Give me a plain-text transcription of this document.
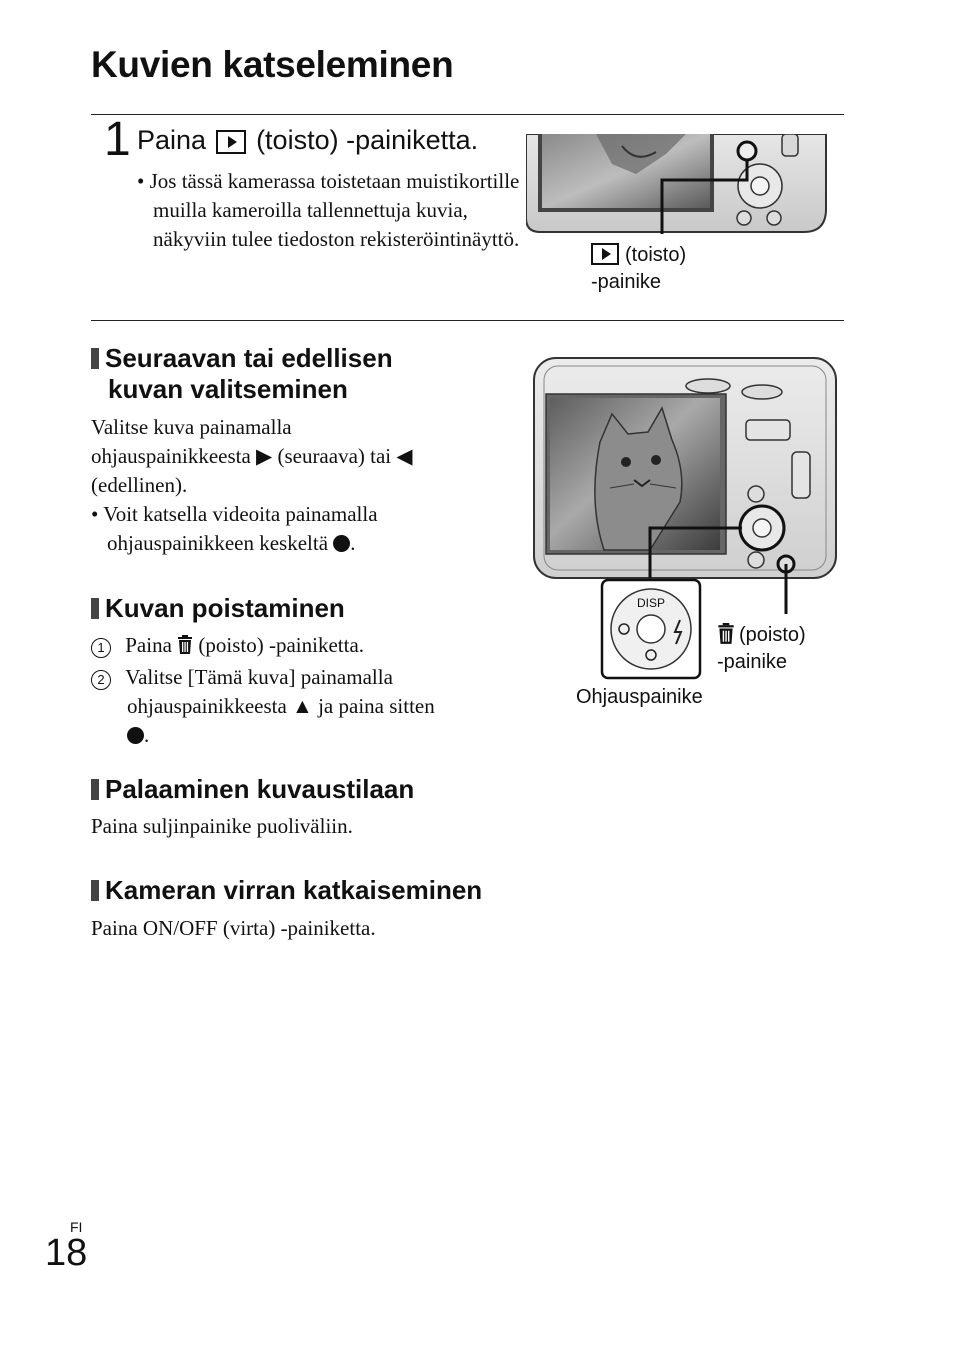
Kuvien katseleminen
1 Paina (toisto) -painiketta.
• Jos tässä kamerassa toistetaan muistikortille muilla kameroilla tallennettuja kuvia, näkyviin tulee tiedoston rekisteröintinäyttö.
(toisto)
-painike
Seuraavan tai edellisen
kuvan valitseminen
Valitse kuva painamalla
ohjauspainikkeesta ▶ (seuraava) tai ◀
(edellinen).
• Voit katsella videoita painamalla
ohjauspainikkeen keskeltä .
Kuvan poistaminen
1 Paina (poisto) -painiketta.
2 Valitse [Tämä kuva] painamalla
ohjauspainikkeesta ▲ ja paina sitten
.
Palaaminen kuvaustilaan
Paina suljinpainike puoliväliin.
Kameran virran katkaiseminen
Paina ON/OFF (virta) -painiketta.
DISP
(poisto)
-painike
Ohjauspainike
FI
18
